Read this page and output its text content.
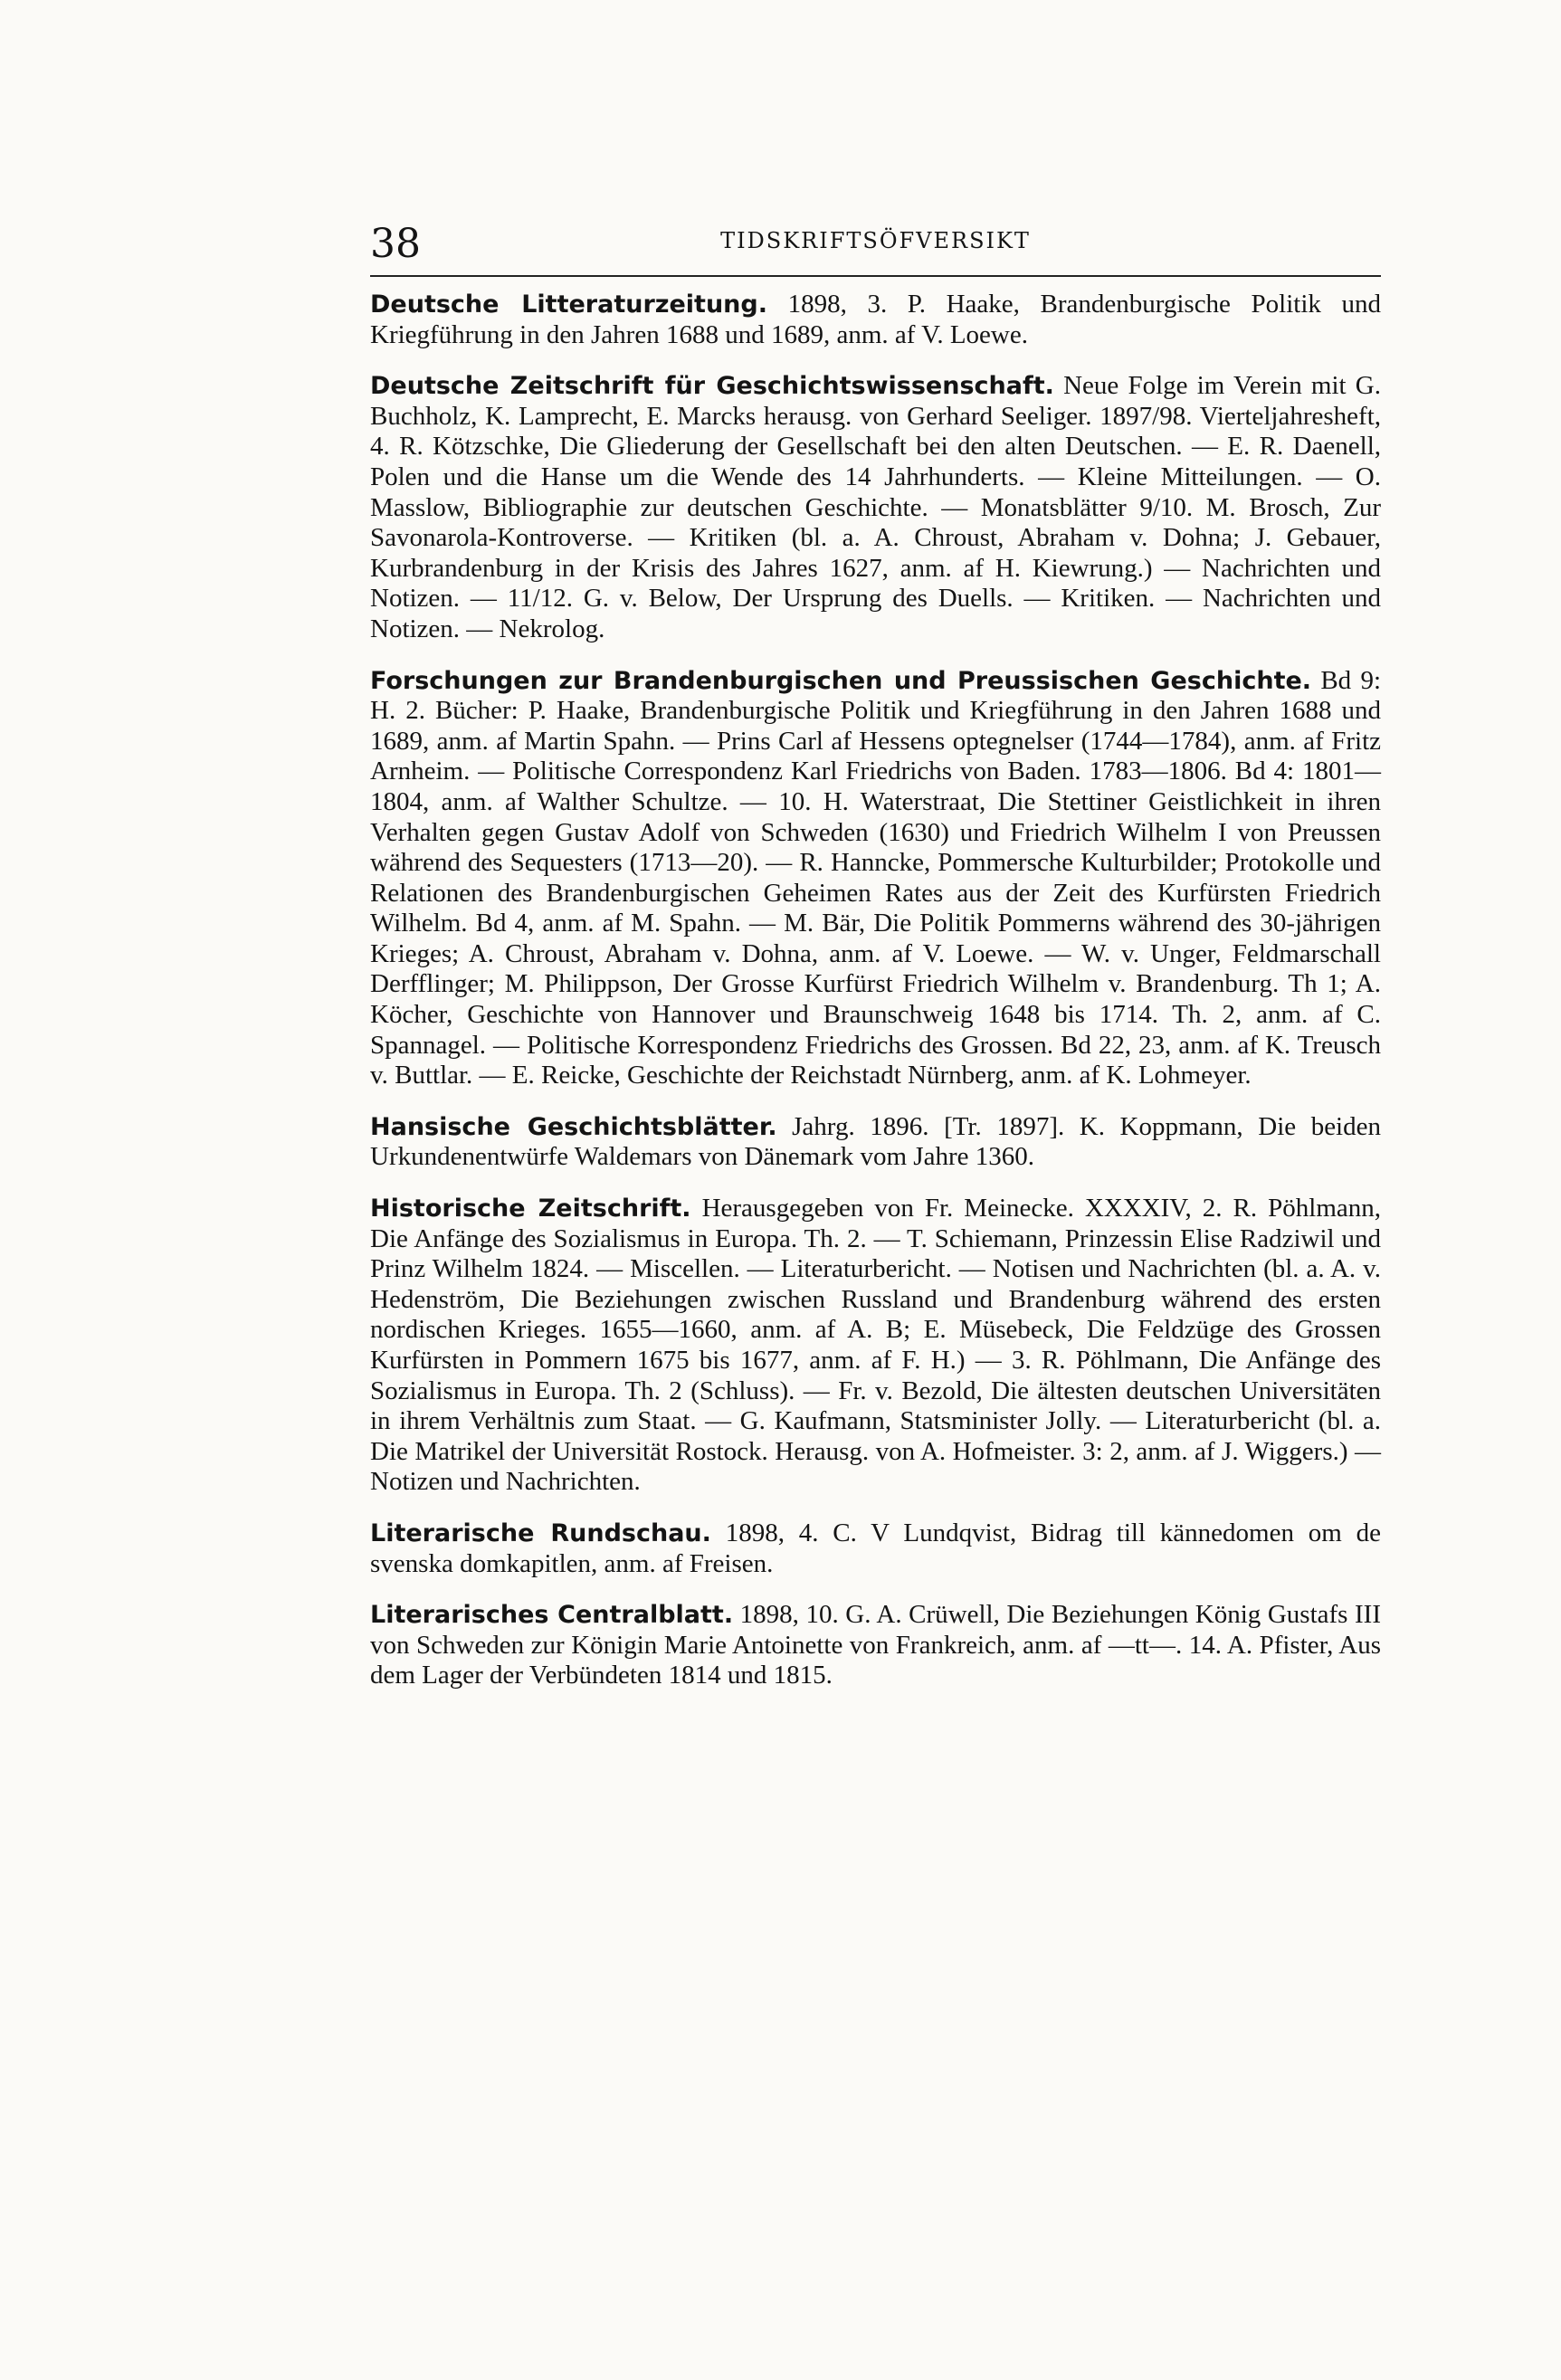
38	TIDSKRIFTSÖFVERSIKT
Deutsche Litteraturzeitung. 1898, 3. P. Haake, Brandenburgische Politik und Kriegführung in den Jahren 1688 und 1689, anm. af V. Loewe.
Deutsche Zeitschrift für Geschichtswissenschaft. Neue Folge im Verein mit G. Buchholz, K. Lamprecht, E. Marcks herausg. von Gerhard Seeliger. 1897/98. Vierteljahresheft, 4. R. Kötzschke, Die Gliederung der Gesellschaft bei den alten Deutschen. — E. R. Daenell, Polen und die Hanse um die Wende des 14 Jahrhunderts. — Kleine Mitteilungen. — O. Masslow, Bibliographie zur deutschen Geschichte. — Monatsblätter 9/10. M. Brosch, Zur Savonarola-Kontroverse. — Kritiken (bl. a. A. Chroust, Abraham v. Dohna; J. Gebauer, Kurbrandenburg in der Krisis des Jahres 1627, anm. af H. Kiewrung.) — Nachrichten und Notizen. — 11/12. G. v. Below, Der Ursprung des Duells. — Kritiken. — Nachrichten und Notizen. — Nekrolog.
Forschungen zur Brandenburgischen und Preussischen Geschichte. Bd 9: H. 2. Bücher: P. Haake, Brandenburgische Politik und Kriegführung in den Jahren 1688 und 1689, anm. af Martin Spahn. — Prins Carl af Hessens optegnelser (1744—1784), anm. af Fritz Arnheim. — Politische Correspondenz Karl Friedrichs von Baden. 1783—1806. Bd 4: 1801—1804, anm. af Walther Schultze. — 10. H. Waterstraat, Die Stettiner Geistlichkeit in ihren Verhalten gegen Gustav Adolf von Schweden (1630) und Friedrich Wilhelm I von Preussen während des Sequesters (1713—20). — R. Hanncke, Pommersche Kulturbilder; Protokolle und Relationen des Brandenburgischen Geheimen Rates aus der Zeit des Kurfürsten Friedrich Wilhelm. Bd 4, anm. af M. Spahn. — M. Bär, Die Politik Pommerns während des 30-jährigen Krieges; A. Chroust, Abraham v. Dohna, anm. af V. Loewe. — W. v. Unger, Feldmarschall Derfflinger; M. Philippson, Der Grosse Kurfürst Friedrich Wilhelm v. Brandenburg. Th 1; A. Köcher, Geschichte von Hannover und Braunschweig 1648 bis 1714. Th. 2, anm. af C. Spannagel. — Politische Korrespondenz Friedrichs des Grossen. Bd 22, 23, anm. af K. Treusch v. Buttlar. — E. Reicke, Geschichte der Reichstadt Nürnberg, anm. af K. Lohmeyer.
Hansische Geschichtsblätter. Jahrg. 1896. [Tr. 1897]. K. Koppmann, Die beiden Urkundenentwürfe Waldemars von Dänemark vom Jahre 1360.
Historische Zeitschrift. Herausgegeben von Fr. Meinecke. XXXXIV, 2. R. Pöhlmann, Die Anfänge des Sozialismus in Europa. Th. 2. — T. Schiemann, Prinzessin Elise Radziwil und Prinz Wilhelm 1824. — Miscellen. — Literaturbericht. — Notisen und Nachrichten (bl. a. A. v. Hedenström, Die Beziehungen zwischen Russland und Brandenburg während des ersten nordischen Krieges. 1655—1660, anm. af A. B; E. Müsebeck, Die Feldzüge des Grossen Kurfürsten in Pommern 1675 bis 1677, anm. af F. H.) — 3. R. Pöhlmann, Die Anfänge des Sozialismus in Europa. Th. 2 (Schluss). — Fr. v. Bezold, Die ältesten deutschen Universitäten in ihrem Verhältnis zum Staat. — G. Kaufmann, Statsminister Jolly. — Literaturbericht (bl. a. Die Matrikel der Universität Rostock. Herausg. von A. Hofmeister. 3: 2, anm. af J. Wiggers.) — Notizen und Nachrichten.
Literarische Rundschau. 1898, 4. C. V Lundqvist, Bidrag till kännedomen om de svenska domkapitlen, anm. af Freisen.
Literarisches Centralblatt. 1898, 10. G. A. Crüwell, Die Beziehungen König Gustafs III von Schweden zur Königin Marie Antoinette von Frankreich, anm. af —tt—. 14. A. Pfister, Aus dem Lager der Verbündeten 1814 und 1815.
